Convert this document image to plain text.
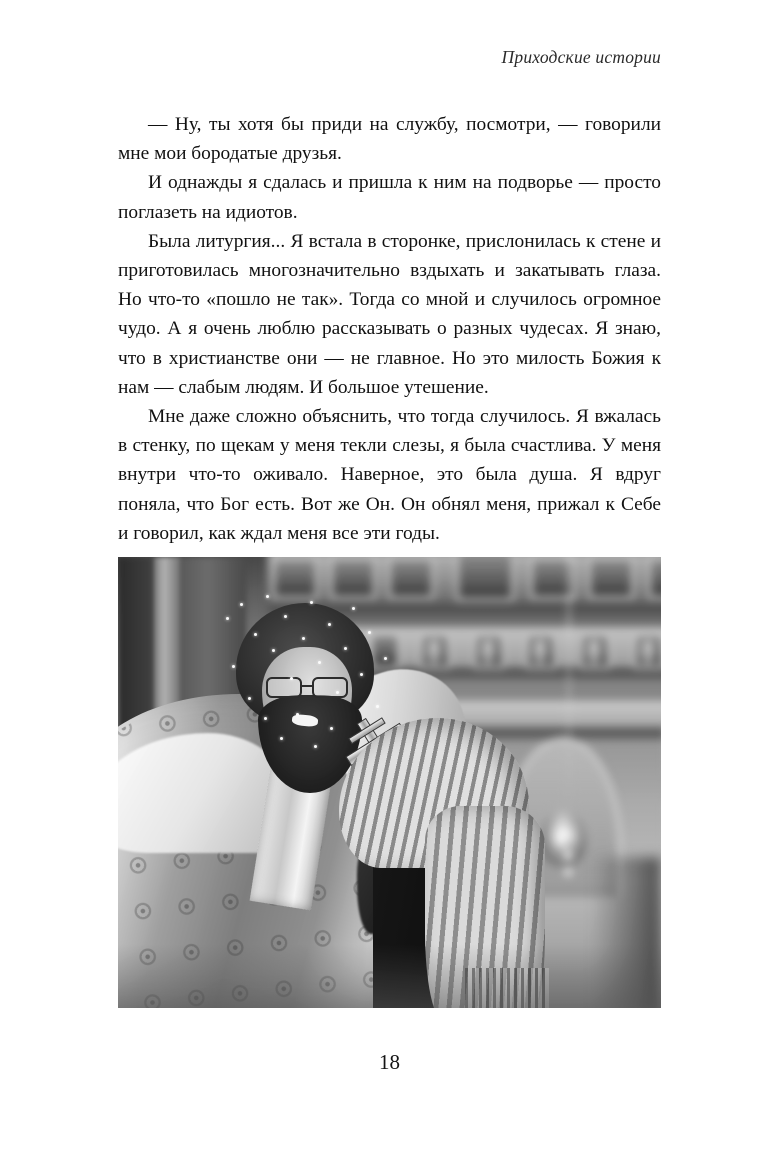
Приходские истории

— Ну, ты хотя бы приди на службу, посмотри, — говорили мне мои бородатые друзья.

И однажды я сдалась и пришла к ним на подворье — просто поглазеть на идиотов.

Была литургия... Я встала в сторонке, прислонилась к стене и приготовилась многозначительно вздыхать и закатывать глаза. Но что-то «пошло не так». Тогда со мной и случилось огромное чудо. А я очень люблю рассказывать о разных чудесах. Я знаю, что в христианстве они — не главное. Но это милость Божия к нам — слабым людям. И большое утешение.

Мне даже сложно объяснить, что тогда случилось. Я вжалась в стенку, по щекам у меня текли слезы, я была счастлива. У меня внутри что-то оживало. Наверное, это была душа. Я вдруг поняла, что Бог есть. Вот же Он. Он обнял меня, прижал к Себе и говорил, как ждал меня все эти годы.

18
